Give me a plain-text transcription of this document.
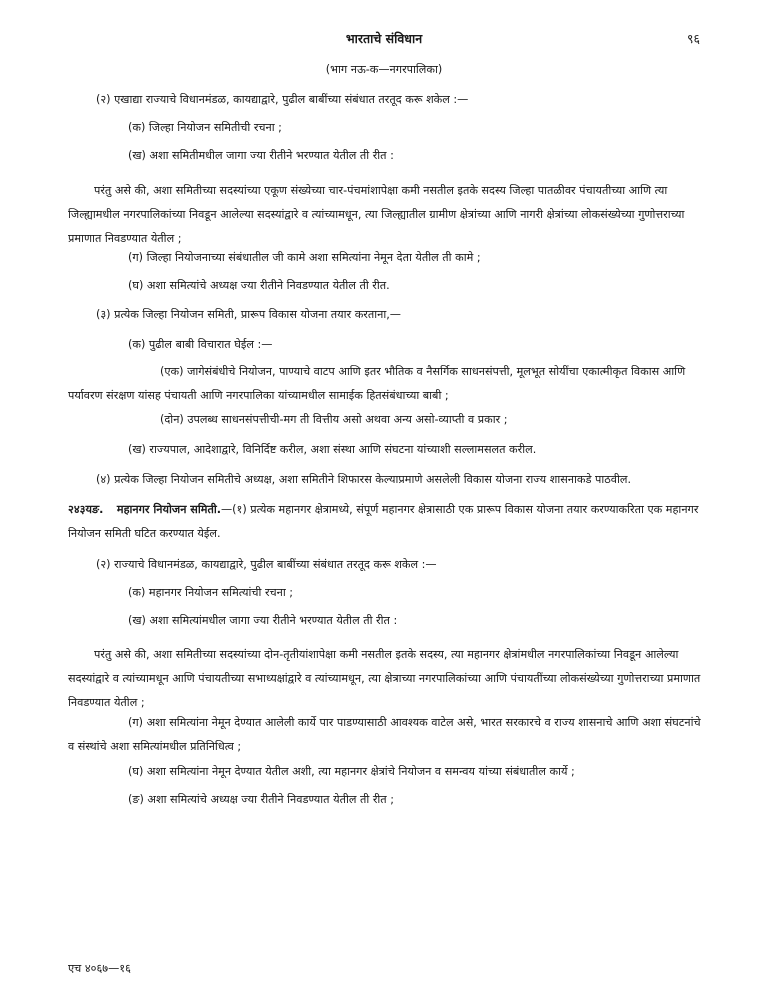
भारताचे संविधान	९६
(भाग नऊ-क—नगरपालिका)
(२) एखाद्या राज्याचे विधानमंडळ, कायद्याद्वारे, पुढील बाबींच्या संबंधात तरतूद करू शकेल :—
(क) जिल्हा नियोजन समितीची रचना ;
(ख) अशा समितीमधील जागा ज्या रीतीने भरण्यात येतील ती रीत :
परंतु असे की, अशा समितीच्या सदस्यांच्या एकूण संख्येच्या चार-पंचमांशापेक्षा कमी नसतील इतके सदस्य जिल्हा पातळीवर पंचायतीच्या आणि त्या जिल्ह्यामधील नगरपालिकांच्या निवडून आलेल्या सदस्यांद्वारे व त्यांच्यामधून, त्या जिल्ह्यातील ग्रामीण क्षेत्रांच्या आणि नागरी क्षेत्रांच्या लोकसंख्येच्या गुणोत्तराच्या प्रमाणात निवडण्यात येतील ;
(ग) जिल्हा नियोजनाच्या संबंधातील जी कामे अशा समित्यांना नेमून देता येतील ती कामे ;
(घ) अशा समित्यांचे अध्यक्ष ज्या रीतीने निवडण्यात येतील ती रीत.
(३) प्रत्येक जिल्हा नियोजन समिती, प्रारूप विकास योजना तयार करताना,—
(क) पुढील बाबी विचारात घेईल :—
(एक) जागेसंबंधीचे नियोजन, पाण्याचे वाटप आणि इतर भौतिक व नैसर्गिक साधनसंपत्ती, मूलभूत सोयींचा एकात्मीकृत विकास आणि पर्यावरण संरक्षण यांसह पंचायती आणि नगरपालिका यांच्यामधील सामाईक हितसंबंधाच्या बाबी ;
(दोन) उपलब्ध साधनसंपत्तीची-मग ती वित्तीय असो अथवा अन्य असो-व्याप्ती व प्रकार ;
(ख) राज्यपाल, आदेशाद्वारे, विनिर्दिष्ट करील, अशा संस्था आणि संघटना यांच्याशी सल्लामसलत करील.
(४) प्रत्येक जिल्हा नियोजन समितीचे अध्यक्ष, अशा समितीने शिफारस केल्याप्रमाणे असलेली विकास योजना राज्य शासनाकडे पाठवील.
२४३यङ. महानगर नियोजन समिती.—(१) प्रत्येक महानगर क्षेत्रामध्ये, संपूर्ण महानगर क्षेत्रासाठी एक प्रारूप विकास योजना तयार करण्याकरिता एक महानगर नियोजन समिती घटित करण्यात येईल.
(२) राज्याचे विधानमंडळ, कायद्याद्वारे, पुढील बाबींच्या संबंधात तरतूद करू शकेल :—
(क) महानगर नियोजन समित्यांची रचना ;
(ख) अशा समित्यांमधील जागा ज्या रीतीने भरण्यात येतील ती रीत :
परंतु असे की, अशा समितीच्या सदस्यांच्या दोन-तृतीयांशापेक्षा कमी नसतील इतके सदस्य, त्या महानगर क्षेत्रांमधील नगरपालिकांच्या निवडून आलेल्या सदस्यांद्वारे व त्यांच्यामधून आणि पंचायतीच्या सभाध्यक्षांद्वारे व त्यांच्यामधून, त्या क्षेत्राच्या नगरपालिकांच्या आणि पंचायतींच्या लोकसंख्येच्या गुणोत्तराच्या प्रमाणात निवडण्यात येतील ;
(ग) अशा समित्यांना नेमून देण्यात आलेली कार्ये पार पाडण्यासाठी आवश्यक वाटेल असे, भारत सरकारचे व राज्य शासनाचे आणि अशा संघटनांचे व संस्थांचे अशा समित्यांमधील प्रतिनिधित्व ;
(घ) अशा समित्यांना नेमून देण्यात येतील अशी, त्या महानगर क्षेत्रांचे नियोजन व समन्वय यांच्या संबंधातील कार्ये ;
(ङ) अशा समित्यांचे अध्यक्ष ज्या रीतीने निवडण्यात येतील ती रीत ;
एच ४०६७—१६
